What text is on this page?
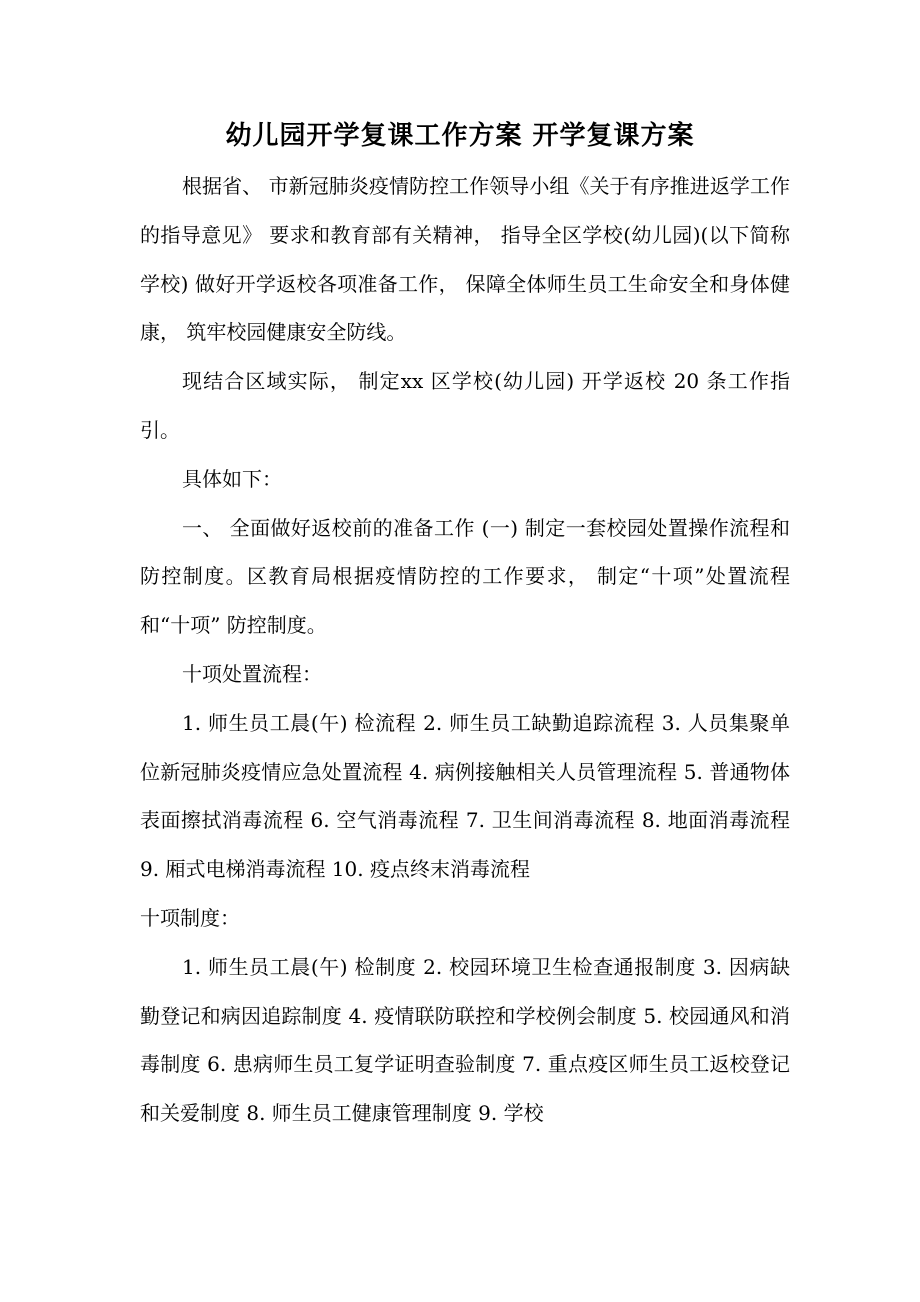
幼儿园开学复课工作方案 开学复课方案

根据省、 市新冠肺炎疫情防控工作领导小组《关于有序推进返学工作的指导意见》 要求和教育部有关精神， 指导全区学校(幼儿园)(以下简称学校) 做好开学返校各项准备工作， 保障全体师生员工生命安全和身体健康， 筑牢校园健康安全防线。

现结合区域实际， 制定xx 区学校(幼儿园) 开学返校 20 条工作指引。

具体如下：

一、 全面做好返校前的准备工作 (一) 制定一套校园处置操作流程和防控制度。区教育局根据疫情防控的工作要求， 制定“十项”处置流程和“十项” 防控制度。

十项处置流程：

1. 师生员工晨(午) 检流程 2. 师生员工缺勤追踪流程 3. 人员集聚单位新冠肺炎疫情应急处置流程 4. 病例接触相关人员管理流程 5. 普通物体表面擦拭消毒流程 6. 空气消毒流程 7. 卫生间消毒流程 8. 地面消毒流程 9. 厢式电梯消毒流程 10. 疫点终末消毒流程

十项制度：

1. 师生员工晨(午) 检制度 2. 校园环境卫生检查通报制度 3. 因病缺勤登记和病因追踪制度 4. 疫情联防联控和学校例会制度 5. 校园通风和消毒制度 6. 患病师生员工复学证明查验制度 7. 重点疫区师生员工返校登记和关爱制度 8. 师生员工健康管理制度 9. 学校
